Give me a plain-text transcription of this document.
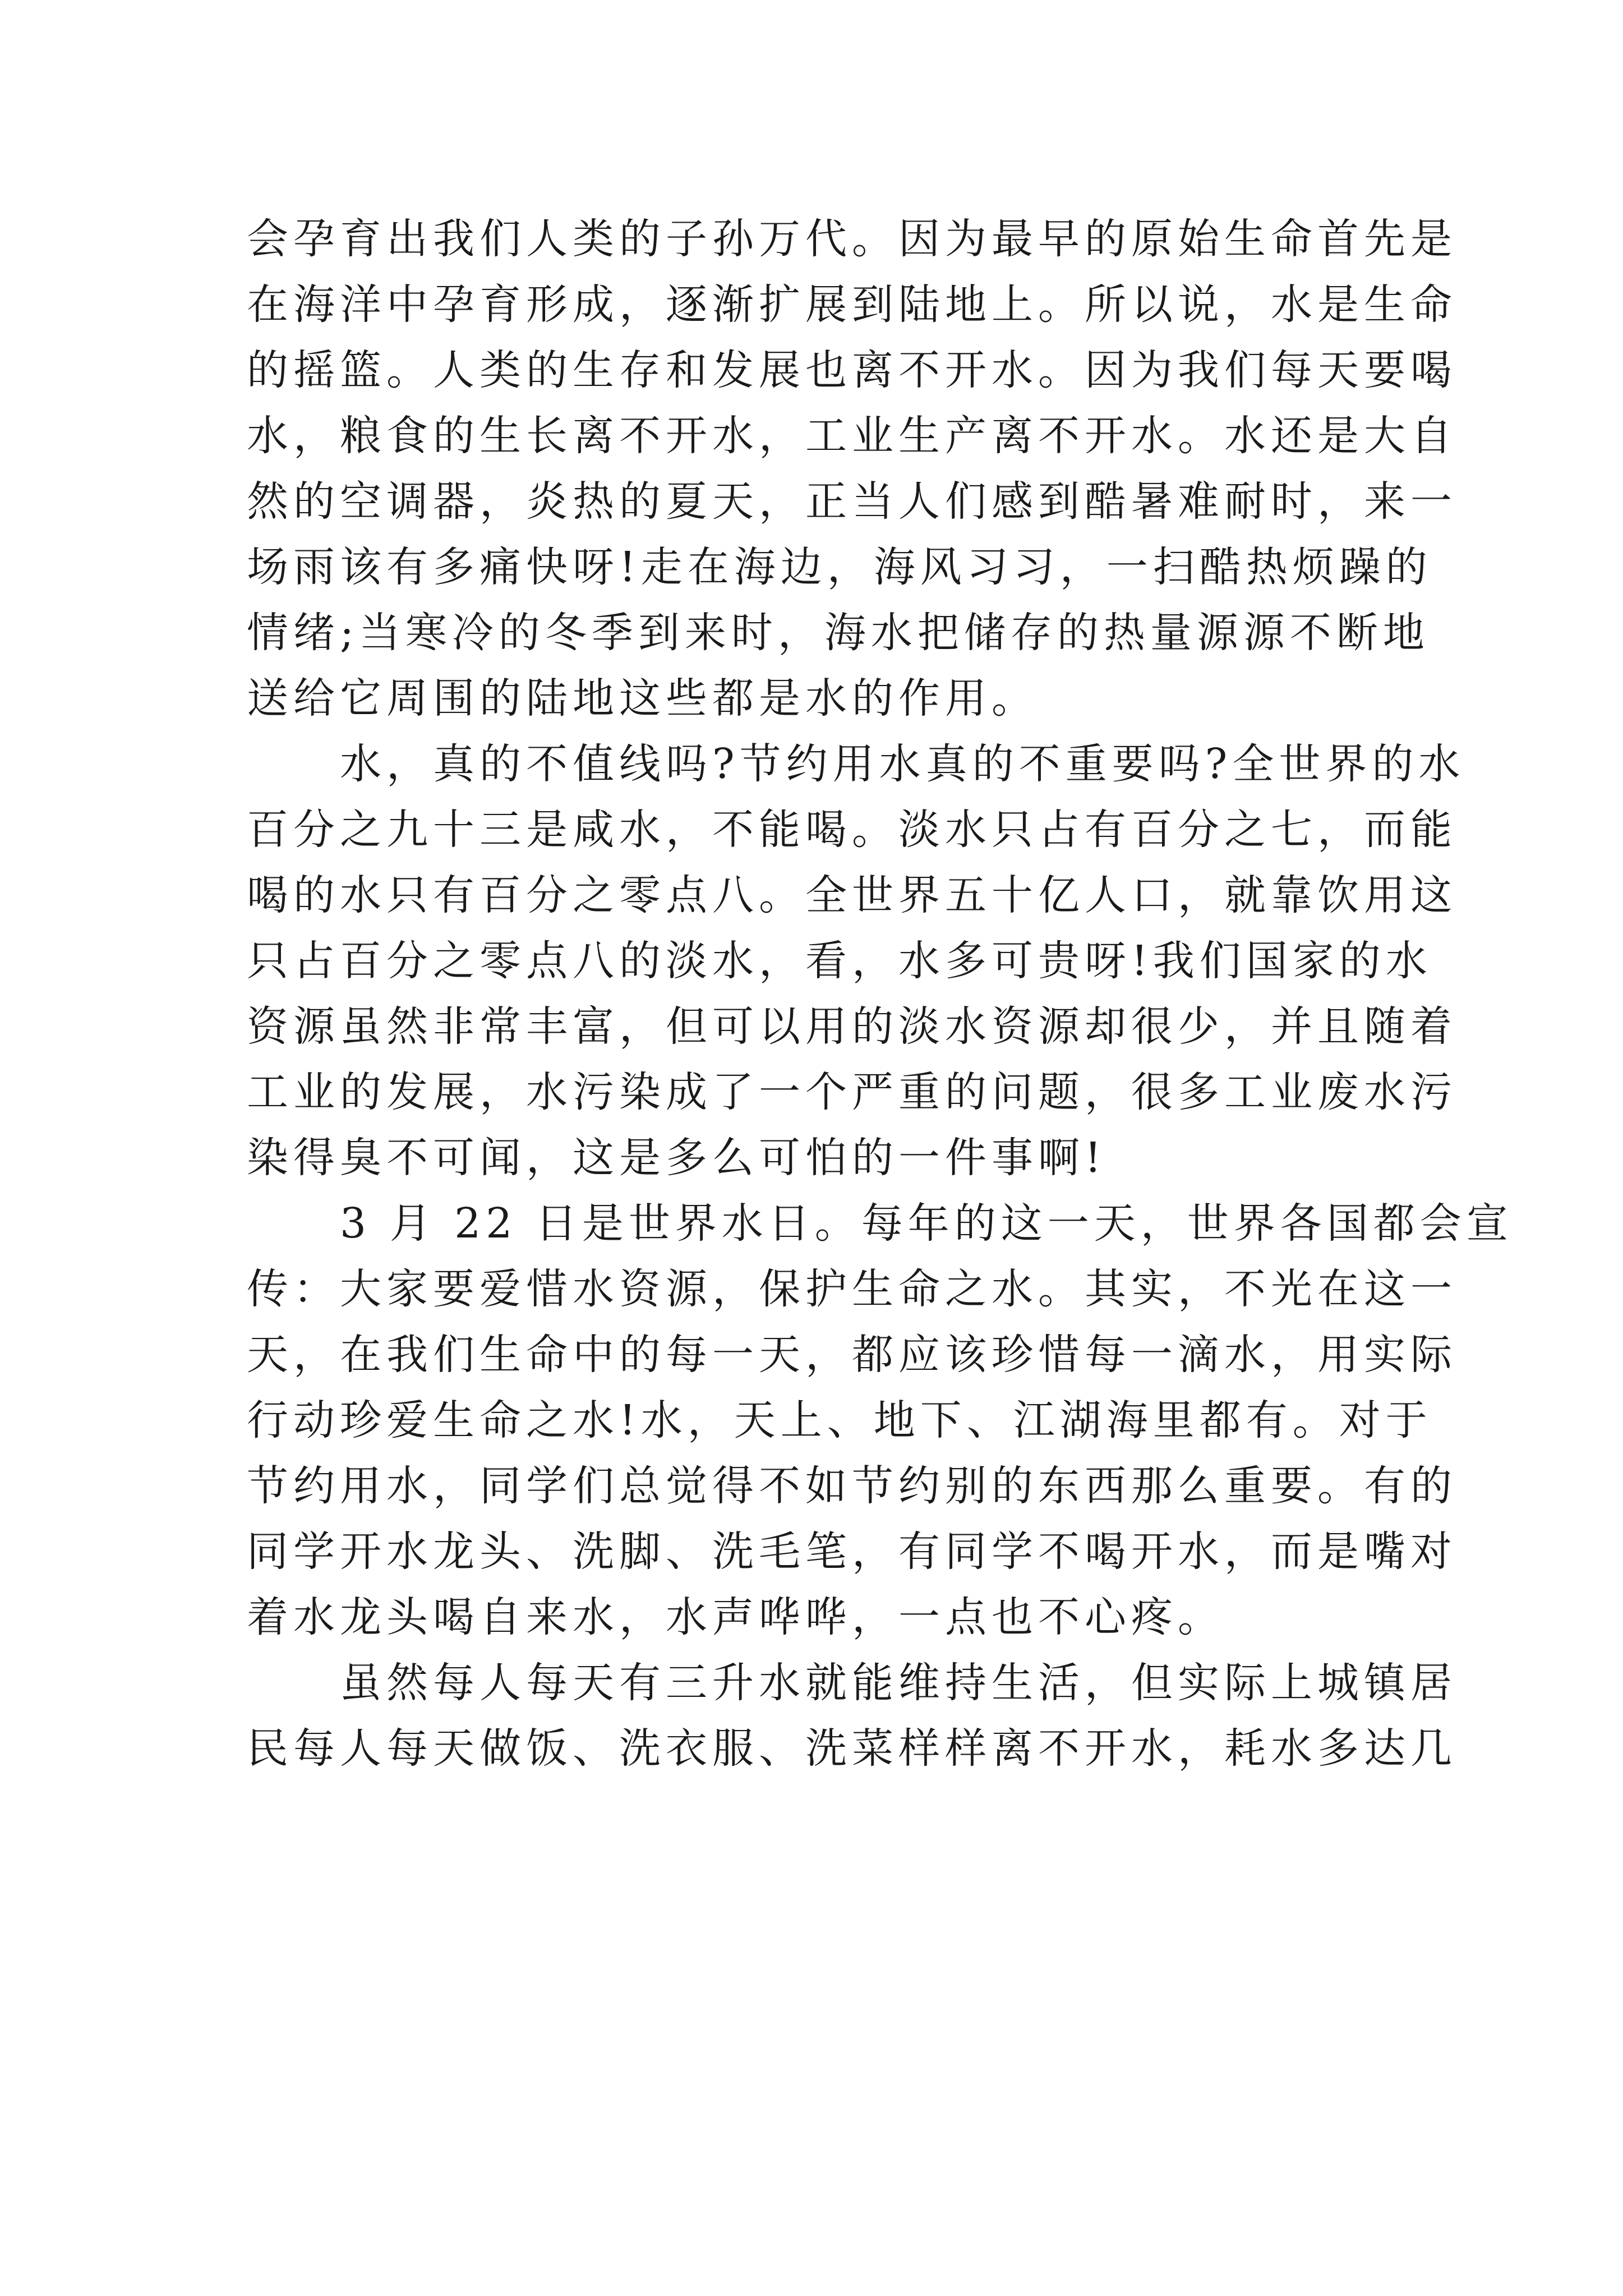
会孕育出我们人类的子孙万代。因为最早的原始生命首先是
在海洋中孕育形成，逐渐扩展到陆地上。所以说，水是生命
的摇篮。人类的生存和发展也离不开水。因为我们每天要喝
水，粮食的生长离不开水，工业生产离不开水。水还是大自
然的空调器，炎热的夏天，正当人们感到酷暑难耐时，来一
场雨该有多痛快呀!走在海边，海风习习，一扫酷热烦躁的
情绪;当寒冷的冬季到来时，海水把储存的热量源源不断地
送给它周围的陆地这些都是水的作用。
水，真的不值线吗?节约用水真的不重要吗?全世界的水
百分之九十三是咸水，不能喝。淡水只占有百分之七，而能
喝的水只有百分之零点八。全世界五十亿人口，就靠饮用这
只占百分之零点八的淡水，看，水多可贵呀!我们国家的水
资源虽然非常丰富，但可以用的淡水资源却很少，并且随着
工业的发展，水污染成了一个严重的问题，很多工业废水污
染得臭不可闻，这是多么可怕的一件事啊!
3 月 22 日是世界水日。每年的这一天，世界各国都会宣
传：大家要爱惜水资源，保护生命之水。其实，不光在这一
天，在我们生命中的每一天，都应该珍惜每一滴水，用实际
行动珍爱生命之水!水，天上、地下、江湖海里都有。对于
节约用水，同学们总觉得不如节约别的东西那么重要。有的
同学开水龙头、洗脚、洗毛笔，有同学不喝开水，而是嘴对
着水龙头喝自来水，水声哗哗，一点也不心疼。
虽然每人每天有三升水就能维持生活，但实际上城镇居
民每人每天做饭、洗衣服、洗菜样样离不开水，耗水多达几
